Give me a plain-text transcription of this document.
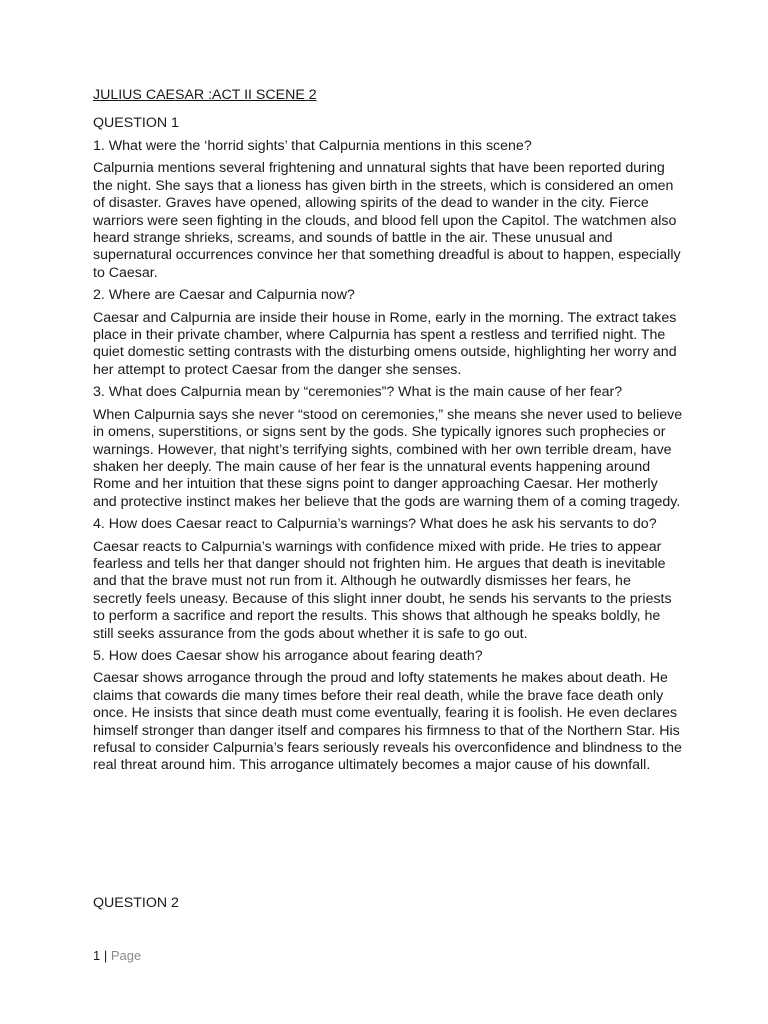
JULIUS CAESAR :ACT II SCENE 2

QUESTION 1

1. What were the ‘horrid sights’ that Calpurnia mentions in this scene?

Calpurnia mentions several frightening and unnatural sights that have been reported during the night. She says that a lioness has given birth in the streets, which is considered an omen of disaster. Graves have opened, allowing spirits of the dead to wander in the city. Fierce warriors were seen fighting in the clouds, and blood fell upon the Capitol. The watchmen also heard strange shrieks, screams, and sounds of battle in the air. These unusual and supernatural occurrences convince her that something dreadful is about to happen, especially to Caesar.

2. Where are Caesar and Calpurnia now?

Caesar and Calpurnia are inside their house in Rome, early in the morning. The extract takes place in their private chamber, where Calpurnia has spent a restless and terrified night. The quiet domestic setting contrasts with the disturbing omens outside, highlighting her worry and her attempt to protect Caesar from the danger she senses.

3. What does Calpurnia mean by “ceremonies”? What is the main cause of her fear?

When Calpurnia says she never “stood on ceremonies,” she means she never used to believe in omens, superstitions, or signs sent by the gods. She typically ignores such prophecies or warnings. However, that night’s terrifying sights, combined with her own terrible dream, have shaken her deeply. The main cause of her fear is the unnatural events happening around Rome and her intuition that these signs point to danger approaching Caesar. Her motherly and protective instinct makes her believe that the gods are warning them of a coming tragedy.

4. How does Caesar react to Calpurnia’s warnings? What does he ask his servants to do?

Caesar reacts to Calpurnia’s warnings with confidence mixed with pride. He tries to appear fearless and tells her that danger should not frighten him. He argues that death is inevitable and that the brave must not run from it. Although he outwardly dismisses her fears, he secretly feels uneasy. Because of this slight inner doubt, he sends his servants to the priests to perform a sacrifice and report the results. This shows that although he speaks boldly, he still seeks assurance from the gods about whether it is safe to go out.

5. How does Caesar show his arrogance about fearing death?

Caesar shows arrogance through the proud and lofty statements he makes about death. He claims that cowards die many times before their real death, while the brave face death only once. He insists that since death must come eventually, fearing it is foolish. He even declares himself stronger than danger itself and compares his firmness to that of the Northern Star. His refusal to consider Calpurnia’s fears seriously reveals his overconfidence and blindness to the real threat around him. This arrogance ultimately becomes a major cause of his downfall.

QUESTION 2

1 | Page
